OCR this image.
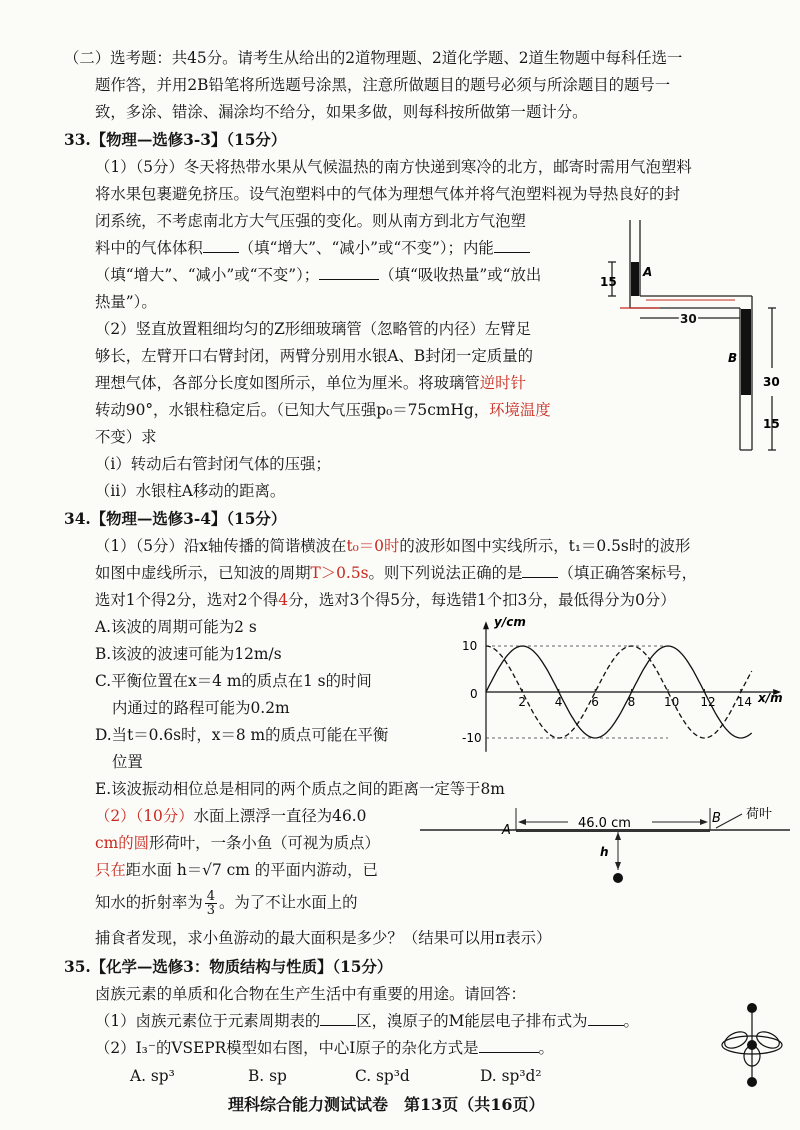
（二）选考题：共45分。请考生从给出的2道物理题、2道化学题、2道生物题中每科任选一
题作答，并用2B铅笔将所选题号涂黑，注意所做题目的题号必须与所涂题目的题号一
致，多涂、错涂、漏涂均不给分，如果多做，则每科按所做第一题计分。
33.【物理—选修3-3】（15分）
（1）（5分）冬天将热带水果从气候温热的南方快递到寒冷的北方，邮寄时需用气泡塑料
将水果包裹避免挤压。设气泡塑料中的气体为理想气体并将气泡塑料视为导热良好的封
闭系统，不考虑南北方大气压强的变化。则从南方到北方气泡塑
料中的气体体积 （填“增大”、“减小”或“不变”）；内能
（填“增大”、“减小”或“不变”）；	（填“吸收热量”或“放出
热量”）。
（2）竖直放置粗细均匀的Z形细玻璃管（忽略管的内径）左臂足
够长，左臂开口右臂封闭，两臂分别用水银A、B封闭一定质量的
理想气体，各部分长度如图所示，单位为厘米。将玻璃管逆时针
转动90°，水银柱稳定后。（已知大气压强p₀＝75cmHg，环境温度
不变）求
（ⅰ）转动后右管封闭气体的压强；
（ⅱ）水银柱A移动的距离。
15
A
30
B
30
15
34.【物理—选修3-4】（15分）
（1）（5分）沿x轴传播的简谐横波在t₀＝0时的波形如图中实线所示，t₁＝0.5s时的波形
如图中虚线所示，已知波的周期T＞0.5s。则下列说法正确的是 （填正确答案标号，
选对1个得2分，选对2个得4分，选对3个得5分，每选错1个扣3分，最低得分为0分）
A.该波的周期可能为2 s
B.该波的波速可能为12m/s
C.平衡位置在x＝4 m的质点在1 s的时间
内通过的路程可能为0.2m
D.当t＝0.6s时，x＝8 m的质点可能在平衡
位置
E.该波振动相位总是相同的两个质点之间的距离一定等于8m
2 4 6 8 10 12 14
10
-10
y/cm
x/m
0
（2）（10分）水面上漂浮一直径为46.0
cm的圆形荷叶，一条小鱼（可视为质点）
只在距水面 h＝√7 cm 的平面内游动，已
知水的折射率为 $\frac{4}{3}$ 。为了不让水面上的
捕食者发现，求小鱼游动的最大面积是多少？（结果可以用π表示）
A
B
46.0 cm
荷叶
h
35.【化学—选修3：物质结构与性质】（15分）
卤族元素的单质和化合物在生产生活中有重要的用途。请回答：
（1）卤族元素位于元素周期表的 区，溴原子的M能层电子排布式为 。
（2）I₃⁻的VSEPR模型如右图，中心I原子的杂化方式是	。
A. sp³	B. sp	C. sp³d	D. sp³d²
理科综合能力测试试卷　第13页（共16页）
